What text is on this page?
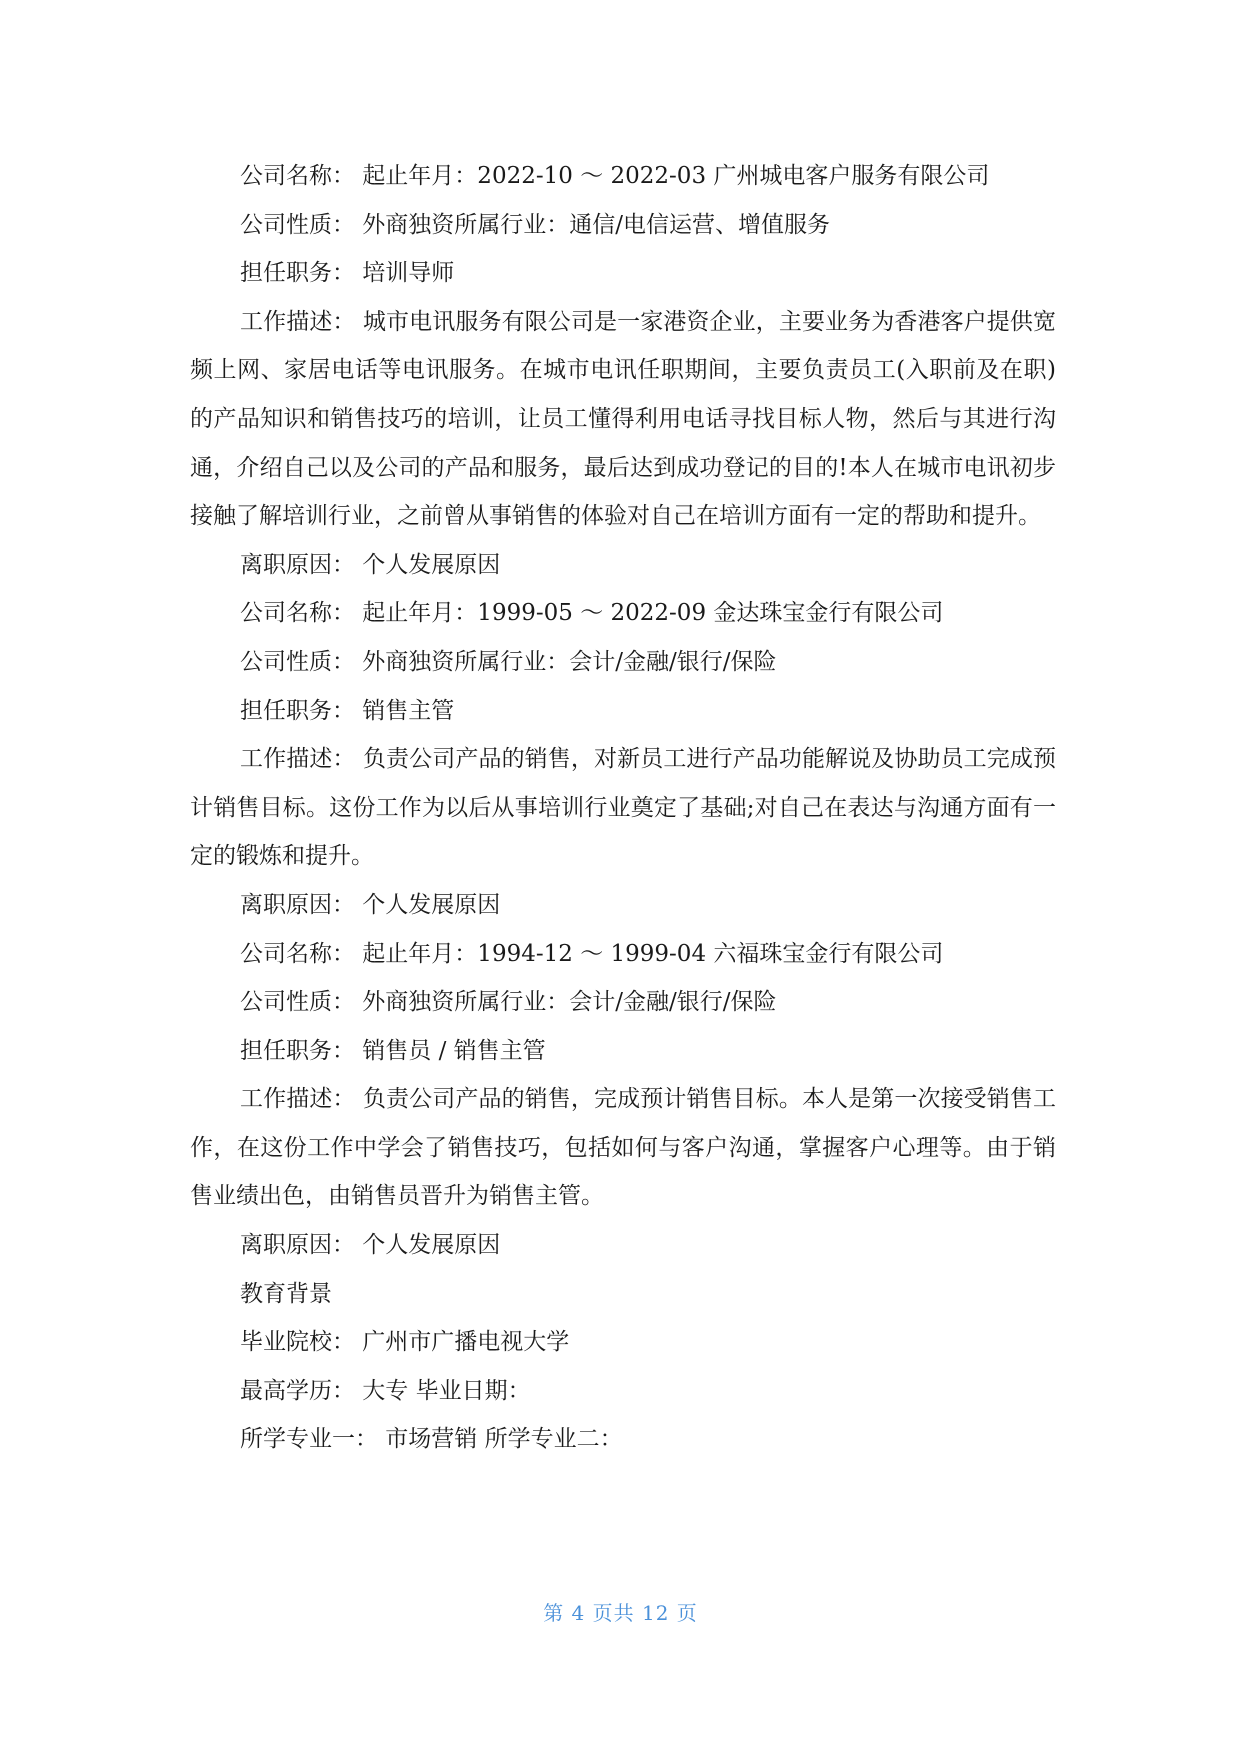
公司名称： 起止年月：2022-10 ～ 2022-03 广州城电客户服务有限公司

公司性质： 外商独资所属行业：通信/电信运营、增值服务

担任职务： 培训导师

工作描述： 城市电讯服务有限公司是一家港资企业，主要业务为香港客户提供宽频上网、家居电话等电讯服务。在城市电讯任职期间，主要负责员工(入职前及在职)的产品知识和销售技巧的培训，让员工懂得利用电话寻找目标人物，然后与其进行沟通，介绍自己以及公司的产品和服务，最后达到成功登记的目的!本人在城市电讯初步接触了解培训行业，之前曾从事销售的体验对自己在培训方面有一定的帮助和提升。

离职原因： 个人发展原因

公司名称： 起止年月：1999-05 ～ 2022-09 金达珠宝金行有限公司

公司性质： 外商独资所属行业：会计/金融/银行/保险

担任职务： 销售主管

工作描述： 负责公司产品的销售，对新员工进行产品功能解说及协助员工完成预计销售目标。这份工作为以后从事培训行业奠定了基础;对自己在表达与沟通方面有一定的锻炼和提升。

离职原因： 个人发展原因

公司名称： 起止年月：1994-12 ～ 1999-04 六福珠宝金行有限公司

公司性质： 外商独资所属行业：会计/金融/银行/保险

担任职务： 销售员 / 销售主管

工作描述： 负责公司产品的销售，完成预计销售目标。本人是第一次接受销售工作，在这份工作中学会了销售技巧，包括如何与客户沟通，掌握客户心理等。由于销售业绩出色，由销售员晋升为销售主管。

离职原因： 个人发展原因

教育背景

毕业院校： 广州市广播电视大学

最高学历： 大专 毕业日期：

所学专业一： 市场营销 所学专业二：

第 4 页共 12 页
